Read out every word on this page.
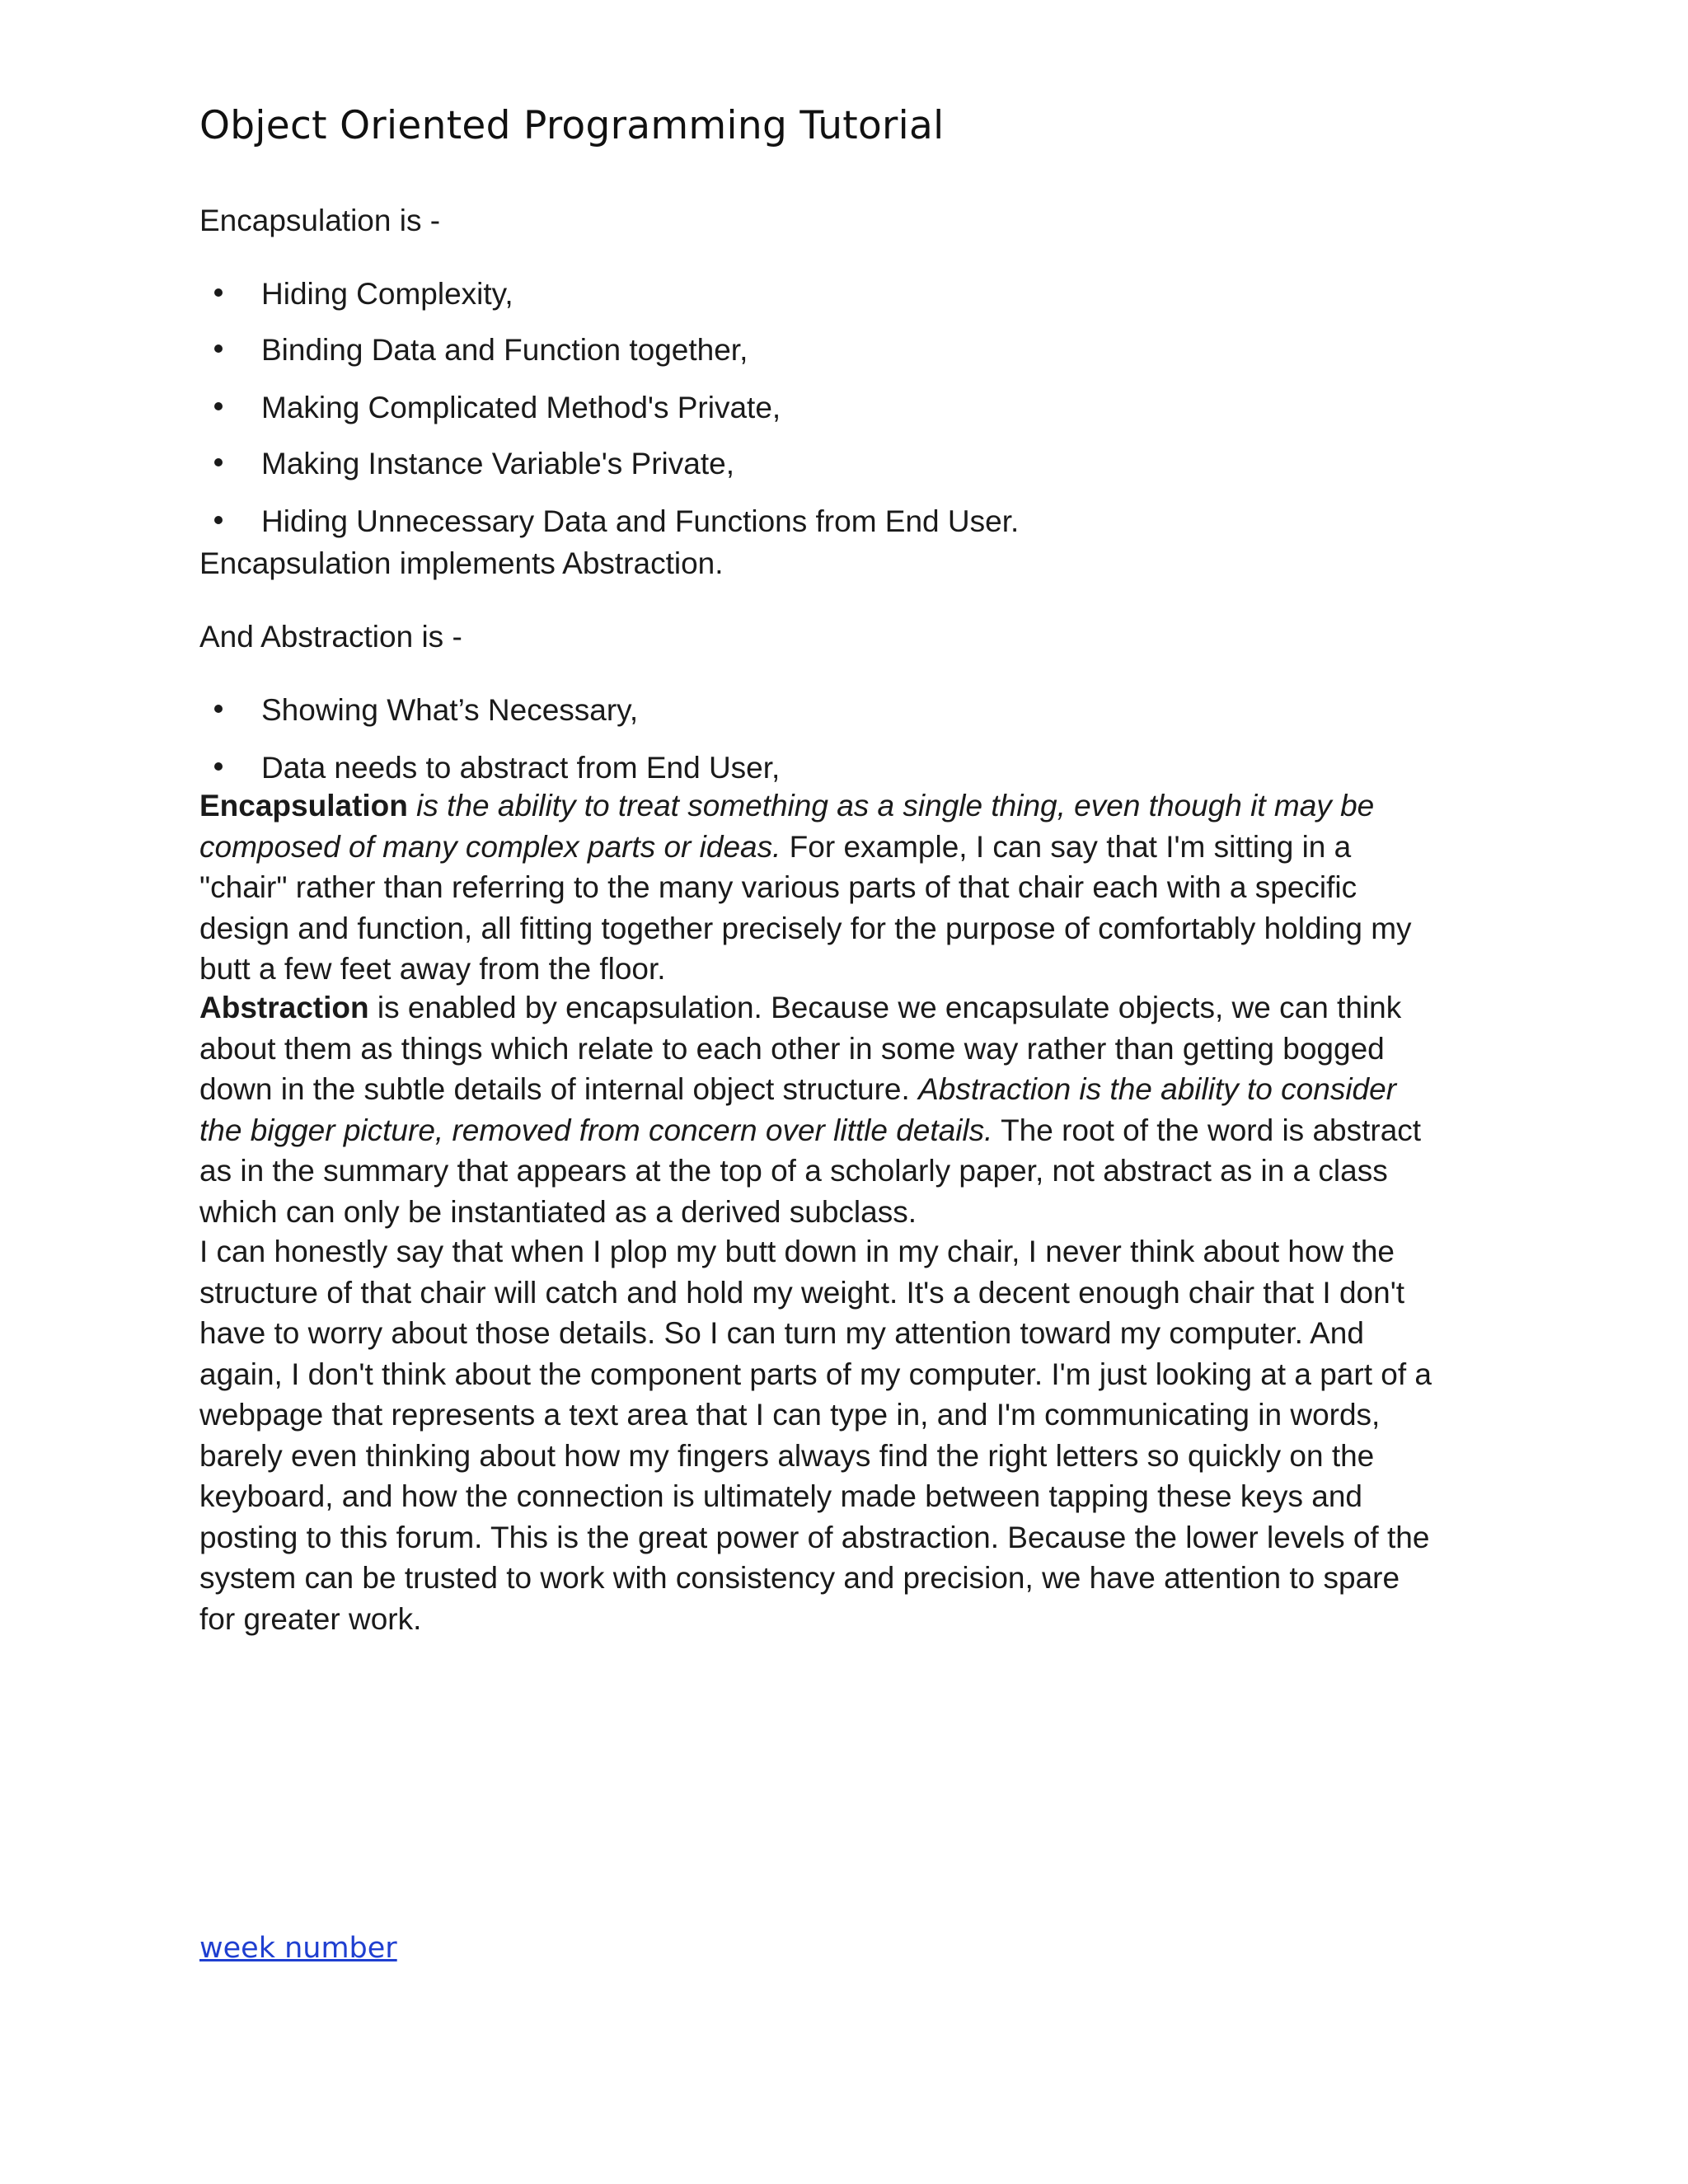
Object Oriented Programming Tutorial
Encapsulation is -
Hiding Complexity,
Binding Data and Function together,
Making Complicated Method's Private,
Making Instance Variable's Private,
Hiding Unnecessary Data and Functions from End User.
Encapsulation implements Abstraction.
And Abstraction is -
Showing What’s Necessary,
Data needs to abstract from End User,
Encapsulation is the ability to treat something as a single thing, even though it may be
composed of many complex parts or ideas. For example, I can say that I'm sitting in a
"chair" rather than referring to the many various parts of that chair each with a specific
design and function, all fitting together precisely for the purpose of comfortably holding my
butt a few feet away from the floor.
Abstraction is enabled by encapsulation. Because we encapsulate objects, we can think
about them as things which relate to each other in some way rather than getting bogged
down in the subtle details of internal object structure. Abstraction is the ability to consider
the bigger picture, removed from concern over little details. The root of the word is abstract
as in the summary that appears at the top of a scholarly paper, not abstract as in a class
which can only be instantiated as a derived subclass.
I can honestly say that when I plop my butt down in my chair, I never think about how the
structure of that chair will catch and hold my weight. It's a decent enough chair that I don't
have to worry about those details. So I can turn my attention toward my computer. And
again, I don't think about the component parts of my computer. I'm just looking at a part of a
webpage that represents a text area that I can type in, and I'm communicating in words,
barely even thinking about how my fingers always find the right letters so quickly on the
keyboard, and how the connection is ultimately made between tapping these keys and
posting to this forum. This is the great power of abstraction. Because the lower levels of the
system can be trusted to work with consistency and precision, we have attention to spare
for greater work.
week number
